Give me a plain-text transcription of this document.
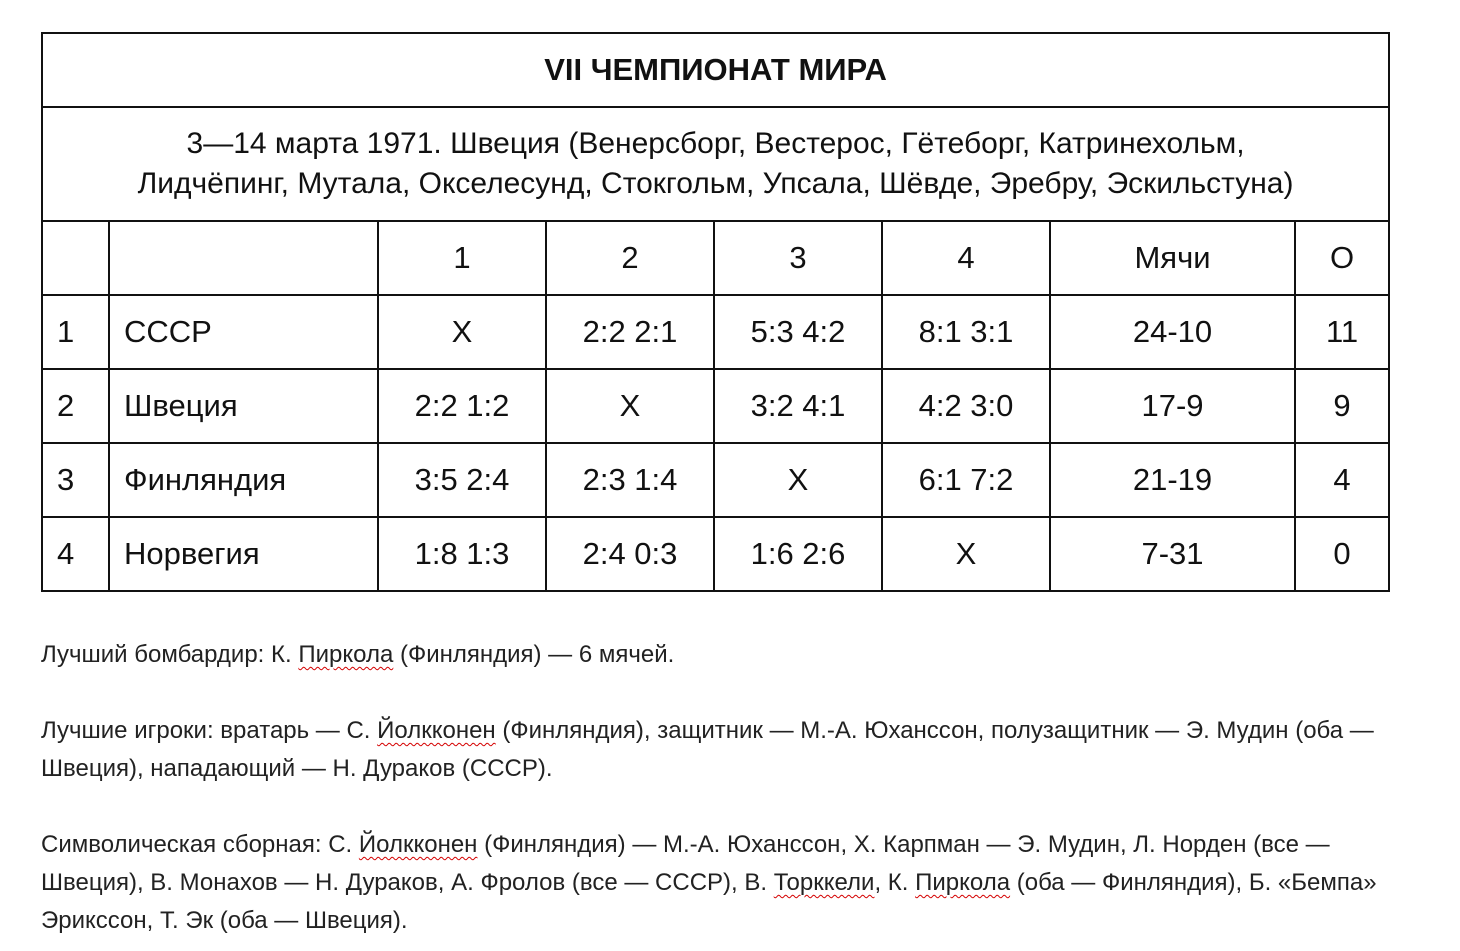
VII ЧЕМПИОНАТ МИРА							
3—14 марта 1971. Швеция (Венерсборг, Вестерос, Гётеборг, Катринехольм,
Лидчёпинг, Мутала, Окселесунд, Стокгольм, Упсала, Шёвде, Эребру, Эскильстуна)							
		1	2	3	4	Мячи	О
1	СССР	Х	2:2 2:1	5:3 4:2	8:1 3:1	24-10	11
2	Швеция	2:2 1:2	Х	3:2 4:1	4:2 3:0	17-9	9
3	Финляндия	3:5 2:4	2:3 1:4	Х	6:1 7:2	21-19	4
4	Норвегия	1:8 1:3	2:4 0:3	1:6 2:6	Х	7-31	0

Лучший бомбардир: К. Пиркола (Финляндия) — 6 мячей.

Лучшие игроки: вратарь — С. Йолкконен (Финляндия), защитник — М.-А. Юханссон, полузащитник — Э. Мудин (оба — Швеция), нападающий — Н. Дураков (СССР).

Символическая сборная: С. Йолкконен (Финляндия) — М.-А. Юханссон, Х. Карпман — Э. Мудин, Л. Норден (все — Швеция), В. Монахов — Н. Дураков, А. Фролов (все — СССР), В. Торккели, К. Пиркола (оба — Финляндия), Б. «Бемпа» Эрикссон, Т. Эк (оба — Швеция).
